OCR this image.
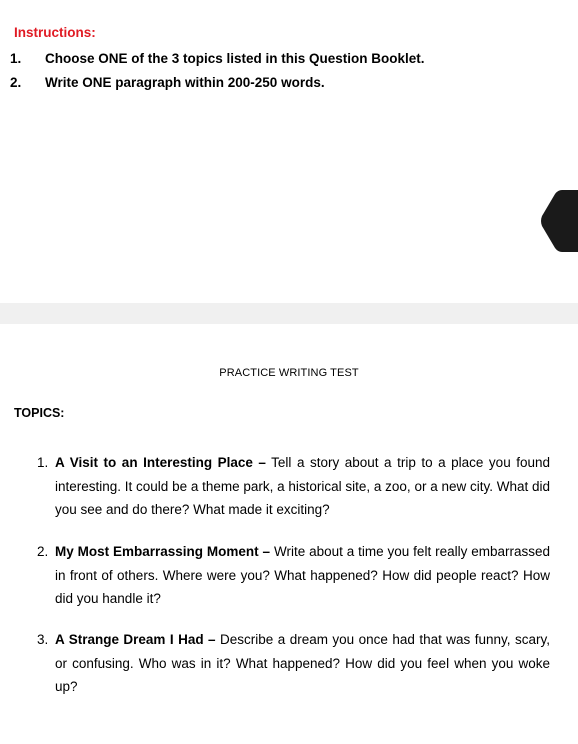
Instructions:

1.	Choose ONE of the 3 topics listed in this Question Booklet.
2.	Write ONE paragraph within 200-250 words.
PRACTICE WRITING TEST
TOPICS:
1. A Visit to an Interesting Place – Tell a story about a trip to a place you found interesting. It could be a theme park, a historical site, a zoo, or a new city. What did you see and do there? What made it exciting?
2. My Most Embarrassing Moment – Write about a time you felt really embarrassed in front of others. Where were you? What happened? How did people react? How did you handle it?
3. A Strange Dream I Had – Describe a dream you once had that was funny, scary, or confusing. Who was in it? What happened? How did you feel when you woke up?
